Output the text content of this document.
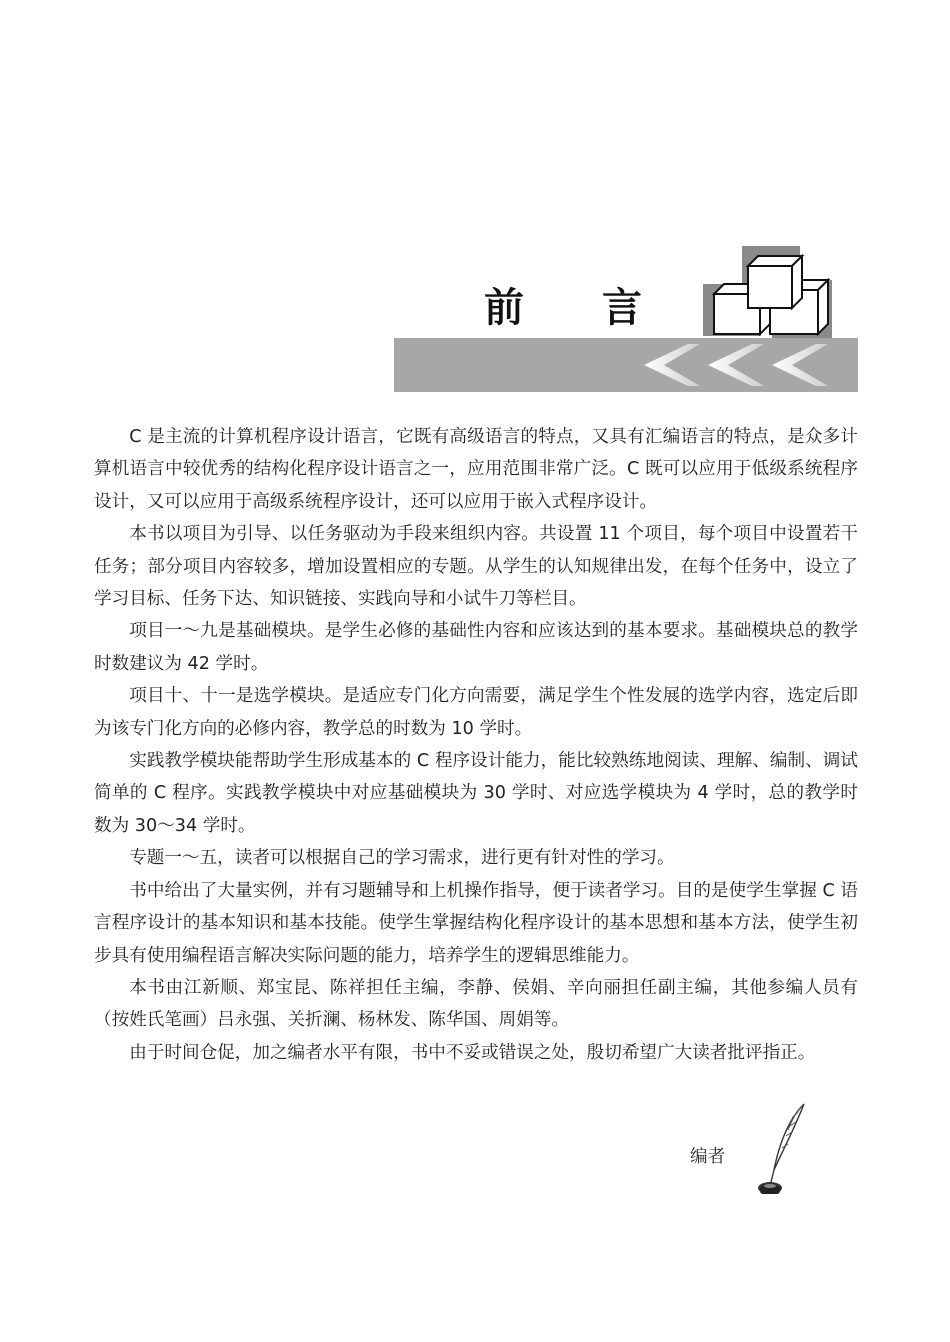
前 言

C 是主流的计算机程序设计语言，它既有高级语言的特点，又具有汇编语言的特点，是众多计算机语言中较优秀的结构化程序设计语言之一，应用范围非常广泛。C 既可以应用于低级系统程序设计，又可以应用于高级系统程序设计，还可以应用于嵌入式程序设计。

本书以项目为引导、以任务驱动为手段来组织内容。共设置 11 个项目，每个项目中设置若干任务；部分项目内容较多，增加设置相应的专题。从学生的认知规律出发，在每个任务中，设立了学习目标、任务下达、知识链接、实践向导和小试牛刀等栏目。

项目一～九是基础模块。是学生必修的基础性内容和应该达到的基本要求。基础模块总的教学时数建议为 42 学时。

项目十、十一是选学模块。是适应专门化方向需要，满足学生个性发展的选学内容，选定后即为该专门化方向的必修内容，教学总的时数为 10 学时。

实践教学模块能帮助学生形成基本的 C 程序设计能力，能比较熟练地阅读、理解、编制、调试简单的 C 程序。实践教学模块中对应基础模块为 30 学时、对应选学模块为 4 学时，总的教学时数为 30～34 学时。

专题一～五，读者可以根据自己的学习需求，进行更有针对性的学习。

书中给出了大量实例，并有习题辅导和上机操作指导，便于读者学习。目的是使学生掌握 C 语言程序设计的基本知识和基本技能。使学生掌握结构化程序设计的基本思想和基本方法，使学生初步具有使用编程语言解决实际问题的能力，培养学生的逻辑思维能力。

本书由江新顺、郑宝昆、陈祥担任主编，李静、侯娟、辛向丽担任副主编，其他参编人员有（按姓氏笔画）吕永强、关折澜、杨林发、陈华国、周娟等。

由于时间仓促，加之编者水平有限，书中不妥或错误之处，殷切希望广大读者批评指正。

编者
